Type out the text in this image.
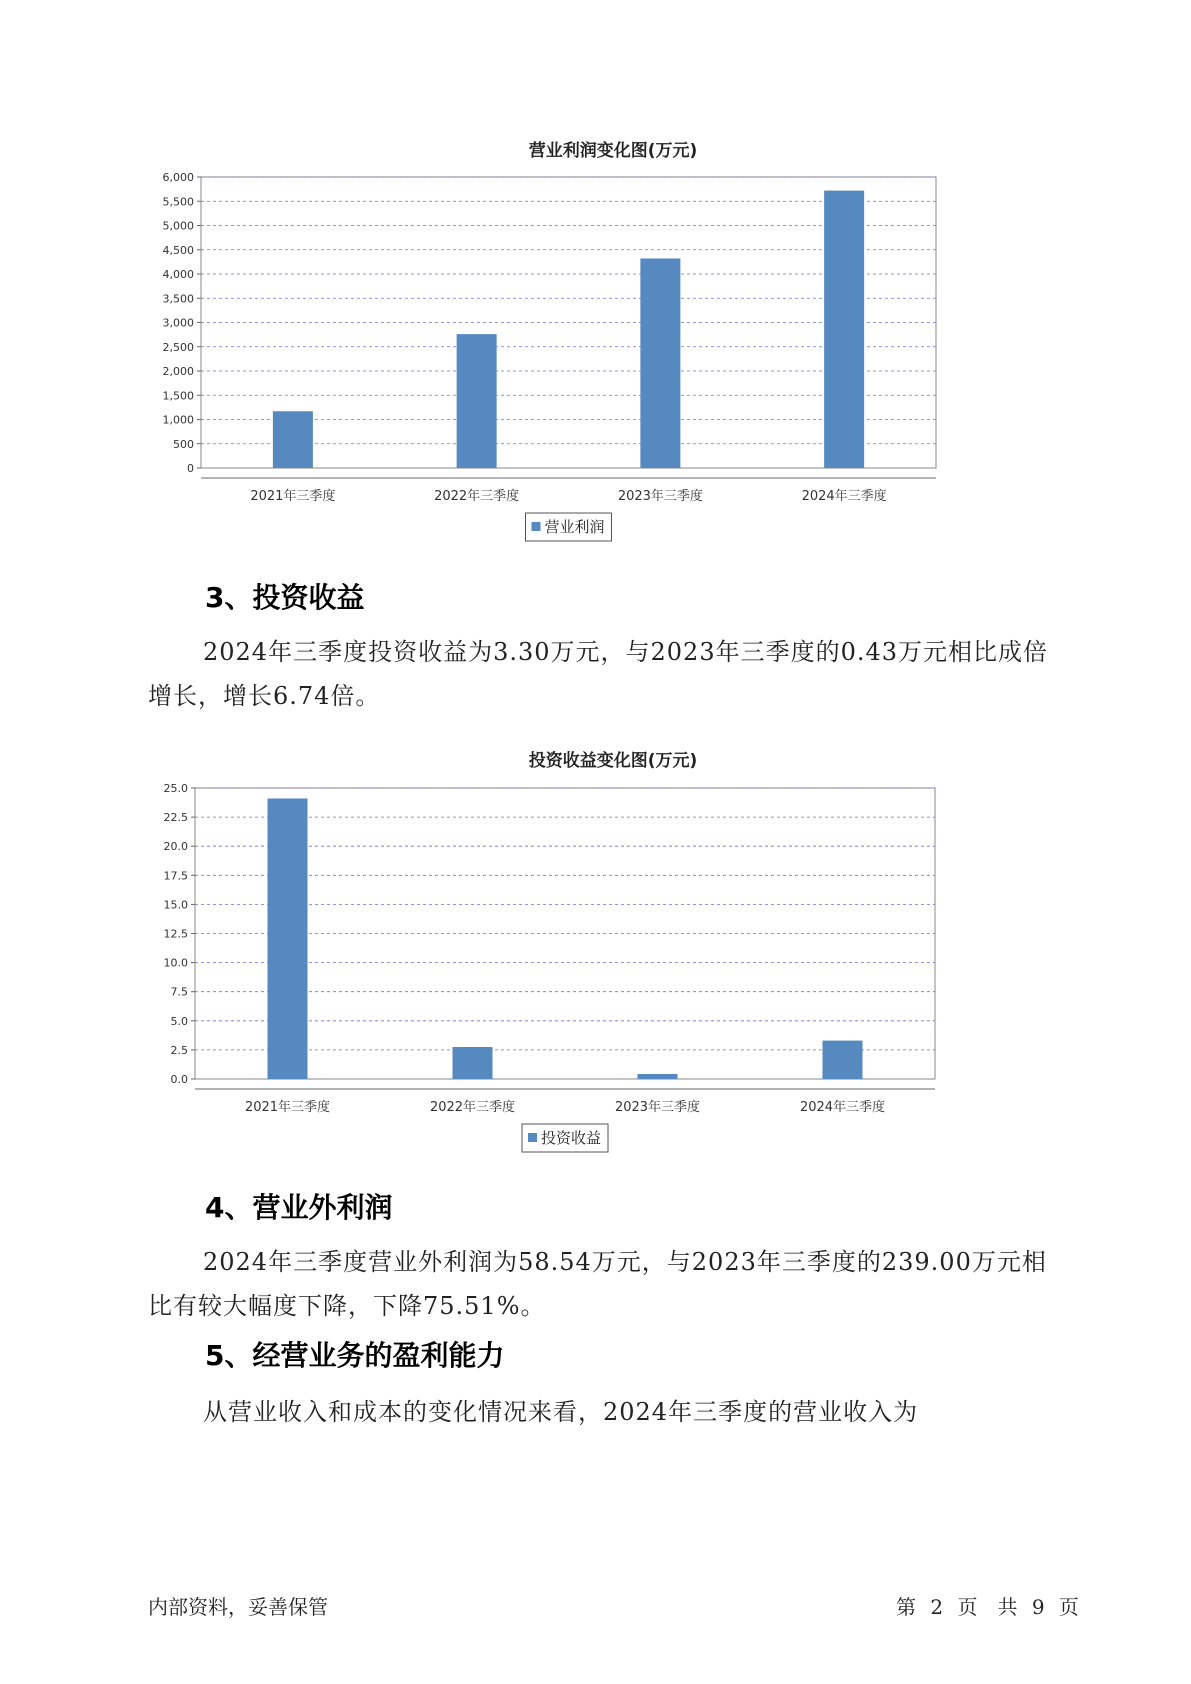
营业利润变化图(万元)
0
500
1,000
1,500
2,000
2,500
3,000
3,500
4,000
4,500
5,000
5,500
6,000
2021年三季度	2022年三季度	2023年三季度	2024年三季度
营业利润
3、投资收益

2024年三季度投资收益为3.30万元，与2023年三季度的0.43万元相比成倍增长，增长6.74倍。

投资收益变化图(万元)
0.0
2.5
5.0
7.5
10.0
12.5
15.0
17.5
20.0
22.5
25.0
2021年三季度	2022年三季度	2023年三季度	2024年三季度
投资收益
4、营业外利润

2024年三季度营业外利润为58.54万元，与2023年三季度的239.00万元相比有较大幅度下降，下降75.51%。

5、经营业务的盈利能力

从营业收入和成本的变化情况来看，2024年三季度的营业收入为

内部资料，妥善保管	第 2 页　共 9 页
